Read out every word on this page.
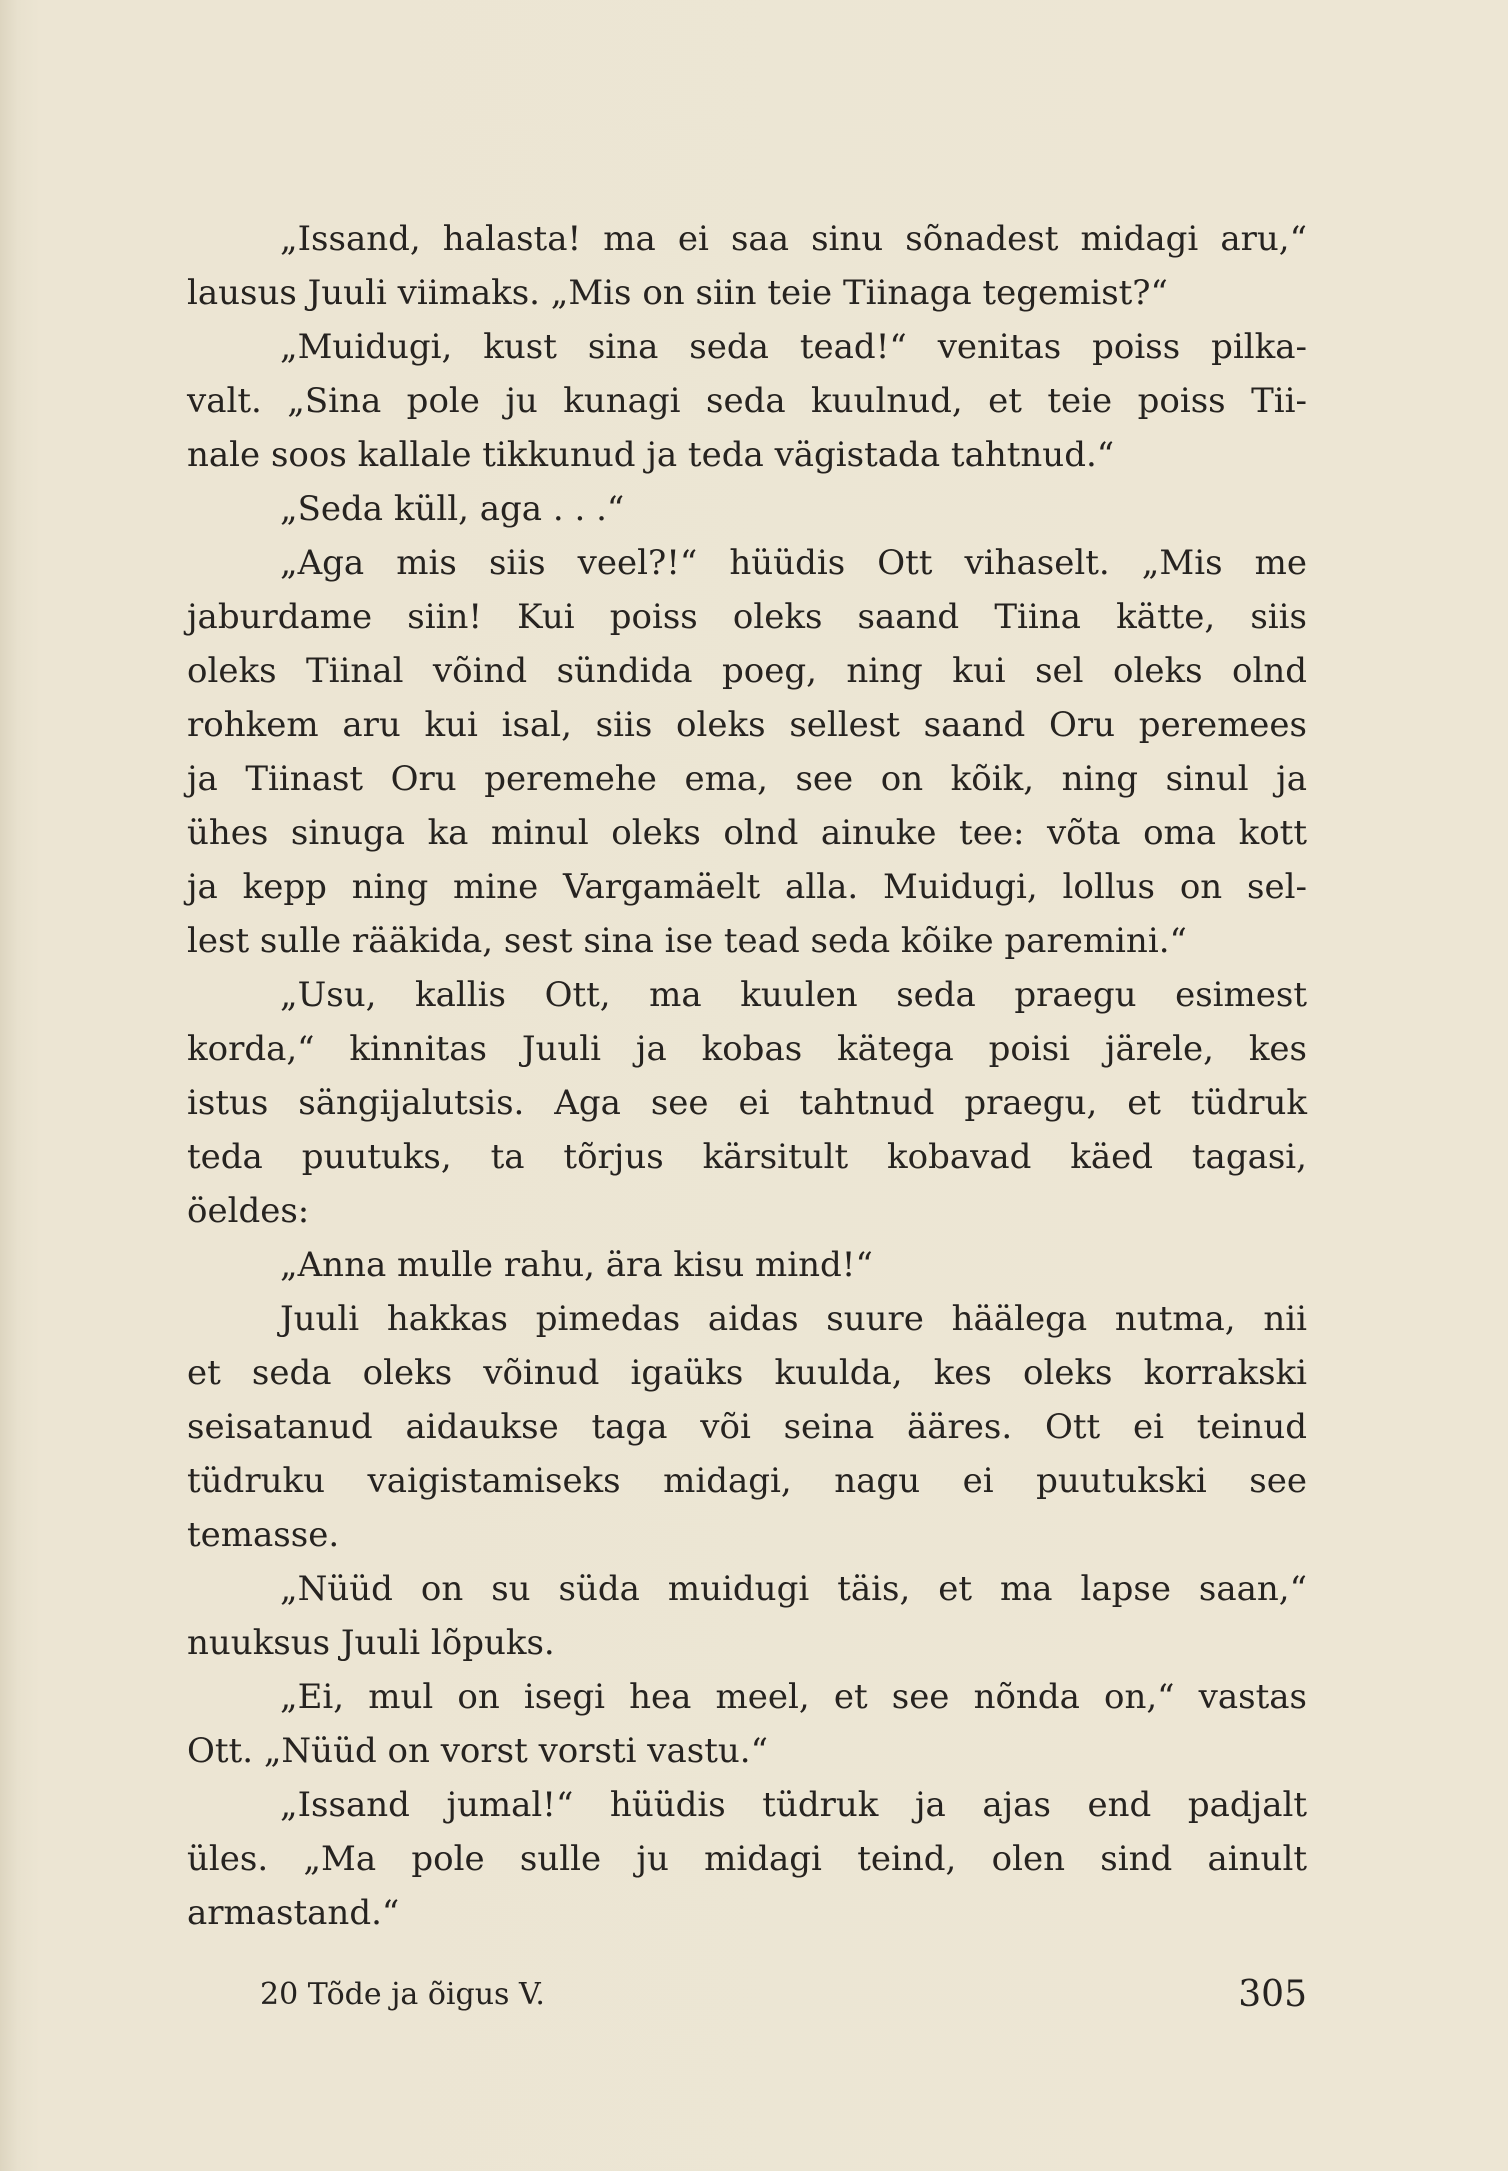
„Issand, halasta! ma ei saa sinu sõnadest midagi aru,“
lausus Juuli viimaks. „Mis on siin teie Tiinaga tegemist?“
„Muidugi, kust sina seda tead!“ venitas poiss pilka-
valt. „Sina pole ju kunagi seda kuulnud, et teie poiss Tii-
nale soos kallale tikkunud ja teda vägistada tahtnud.“
„Seda küll, aga . . .“
„Aga mis siis veel?!“ hüüdis Ott vihaselt. „Mis me
jaburdame siin! Kui poiss oleks saand Tiina kätte, siis
oleks Tiinal võind sündida poeg, ning kui sel oleks olnd
rohkem aru kui isal, siis oleks sellest saand Oru peremees
ja Tiinast Oru peremehe ema, see on kõik, ning sinul ja
ühes sinuga ka minul oleks olnd ainuke tee: võta oma kott
ja kepp ning mine Vargamäelt alla. Muidugi, lollus on sel-
lest sulle rääkida, sest sina ise tead seda kõike paremini.“
„Usu, kallis Ott, ma kuulen seda praegu esimest
korda,“ kinnitas Juuli ja kobas kätega poisi järele, kes
istus sängijalutsis. Aga see ei tahtnud praegu, et tüdruk
teda puutuks, ta tõrjus kärsitult kobavad käed tagasi,
öeldes:
„Anna mulle rahu, ära kisu mind!“
Juuli hakkas pimedas aidas suure häälega nutma, nii
et seda oleks võinud igaüks kuulda, kes oleks korrakski
seisatanud aidaukse taga või seina ääres. Ott ei teinud
tüdruku vaigistamiseks midagi, nagu ei puutukski see
temasse.
„Nüüd on su süda muidugi täis, et ma lapse saan,“
nuuksus Juuli lõpuks.
„Ei, mul on isegi hea meel, et see nõnda on,“ vastas
Ott. „Nüüd on vorst vorsti vastu.“
„Issand jumal!“ hüüdis tüdruk ja ajas end padjalt
üles. „Ma pole sulle ju midagi teind, olen sind ainult
armastand.“
20 Tõde ja õigus V.	305
